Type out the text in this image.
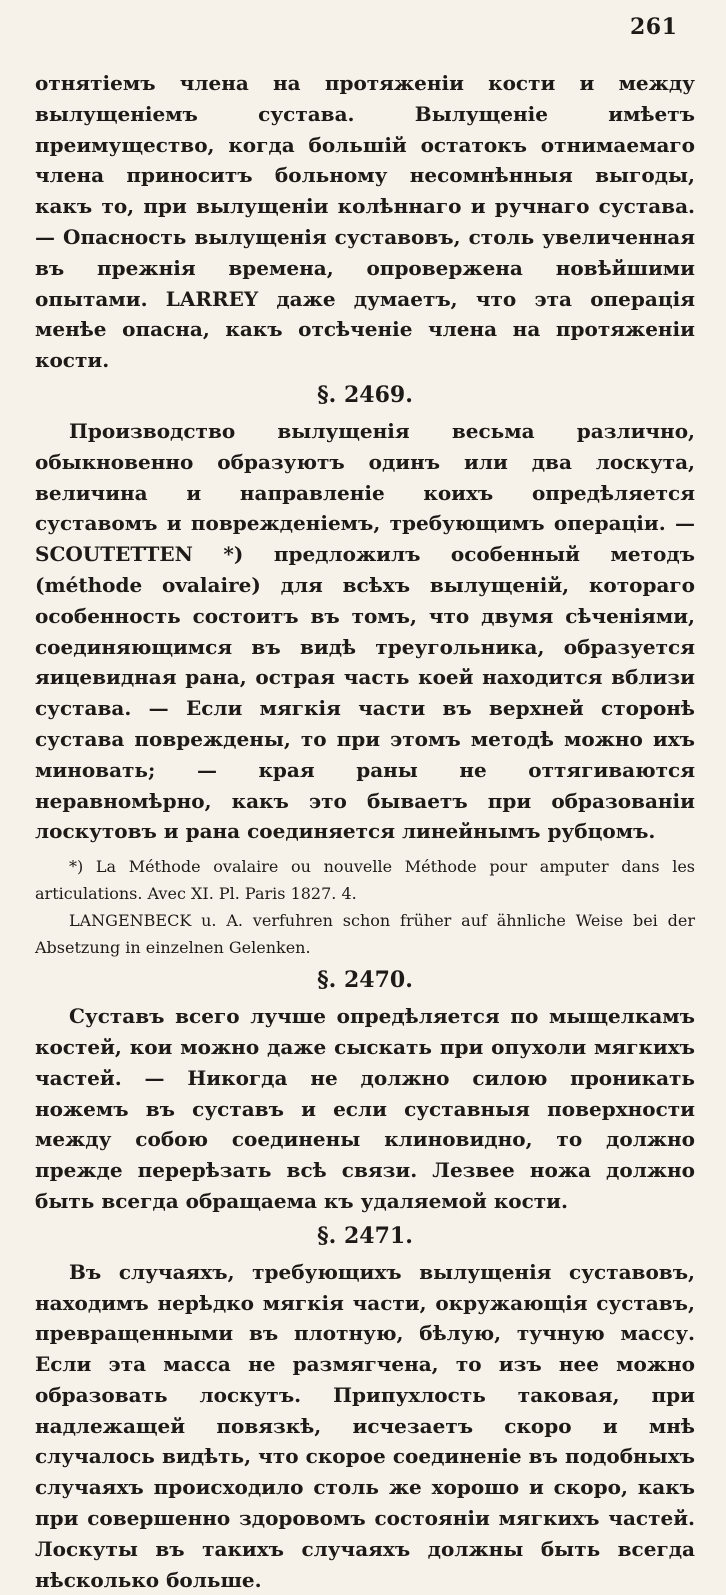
261

отнятіемъ члена на протяженіи кости и между вылущеніемъ сустава. Вылущеніе имѣетъ преимущество, когда большій остатокъ отнимаемаго члена приноситъ больному несомнѣнныя выгоды, какъ то, при вылущеніи колѣннаго и ручнаго сустава. — Опасность вылущенія суставовъ, столь увеличенная въ прежнія времена, опровержена новѣйшими опытами. LARREY даже думаетъ, что эта операція менѣе опасна, какъ отсѣченіе члена на протяженіи кости.

§. 2469.

Производство вылущенія весьма различно, обыкновенно образуютъ одинъ или два лоскута, величина и направленіе коихъ опредѣляется суставомъ и поврежденіемъ, требующимъ операціи. — SCOUTETTEN *) предложилъ особенный методъ (méthode ovalaire) для всѣхъ вылущеній, котораго особенность состоитъ въ томъ, что двумя сѣченіями, соединяющимся въ видѣ треугольника, образуется яицевидная рана, острая часть коей находится вблизи сустава. — Если мягкія части въ верхней сторонѣ сустава повреждены, то при этомъ методѣ можно ихъ миновать; — края раны не оттягиваются неравномѣрно, какъ это бываетъ при образованіи лоскутовъ и рана соединяется линейнымъ рубцомъ.

*) La Méthode ovalaire ou nouvelle Méthode pour amputer dans les articulations. Avec XI. Pl. Paris 1827. 4.

LANGENBECK u. A. verfuhren schon früher auf ähnliche Weise bei der Absetzung in einzelnen Gelenken.

§. 2470.

Суставъ всего лучше опредѣляется по мыщелкамъ костей, кои можно даже сыскать при опухоли мягкихъ частей. — Никогда не должно силою проникать ножемъ въ суставъ и если суставныя поверхности между собою соединены клиновидно, то должно прежде перерѣзать всѣ связи. Лезвее ножа должно быть всегда обращаема къ удаляемой кости.

§. 2471.

Въ случаяхъ, требующихъ вылущенія суставовъ, находимъ нерѣдко мягкія части, окружающія суставъ, превращенными въ плотную, бѣлую, тучную массу. Если эта масса не размягчена, то изъ нее можно образовать лоскутъ. Припухлость таковая, при надлежащей повязкѣ, исчезаетъ скоро и мнѣ случалось видѣть, что скорое соединеніе въ подобныхъ случаяхъ происходило столь же хорошо и скоро, какъ при совершенно здоровомъ состояніи мягкихъ частей. Лоскуты въ такихъ случаяхъ должны быть всегда нѣсколько больше.
